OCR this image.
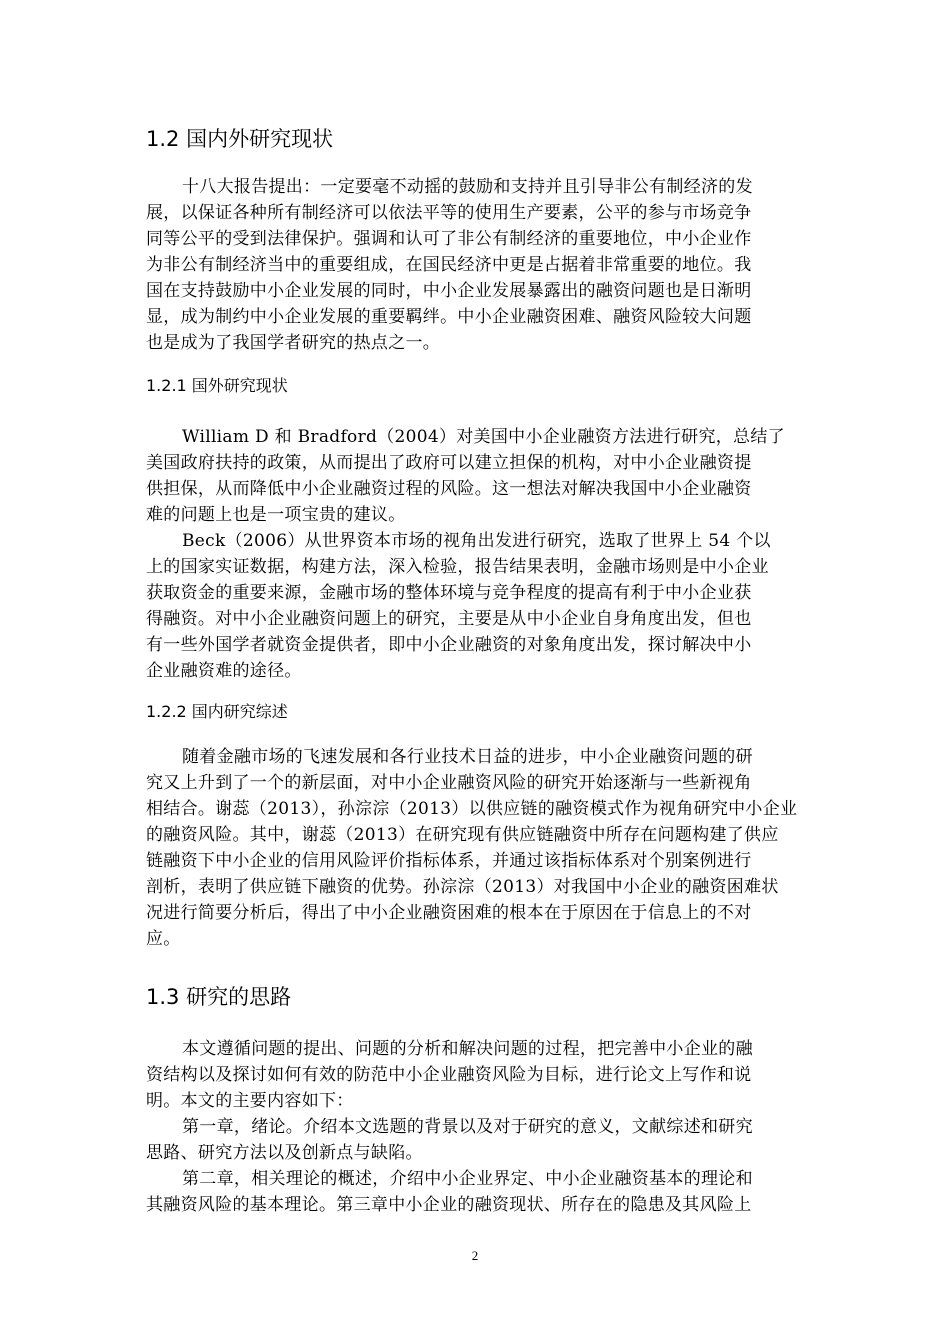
1.2 国内外研究现状

十八大报告提出：一定要毫不动摇的鼓励和支持并且引导非公有制经济的发

展，以保证各种所有制经济可以依法平等的使用生产要素，公平的参与市场竞争

同等公平的受到法律保护。强调和认可了非公有制经济的重要地位，中小企业作

为非公有制经济当中的重要组成，在国民经济中更是占据着非常重要的地位。我

国在支持鼓励中小企业发展的同时，中小企业发展暴露出的融资问题也是日渐明

显，成为制约中小企业发展的重要羁绊。中小企业融资困难、融资风险较大问题

也是成为了我国学者研究的热点之一。

1.2.1 国外研究现状

William D 和 Bradford（2004）对美国中小企业融资方法进行研究，总结了

美国政府扶持的政策，从而提出了政府可以建立担保的机构，对中小企业融资提

供担保，从而降低中小企业融资过程的风险。这一想法对解决我国中小企业融资

难的问题上也是一项宝贵的建议。

Beck（2006）从世界资本市场的视角出发进行研究，选取了世界上 54 个以

上的国家实证数据，构建方法，深入检验，报告结果表明，金融市场则是中小企业

获取资金的重要来源，金融市场的整体环境与竞争程度的提高有利于中小企业获

得融资。对中小企业融资问题上的研究，主要是从中小企业自身角度出发，但也

有一些外国学者就资金提供者，即中小企业融资的对象角度出发，探讨解决中小

企业融资难的途径。

1.2.2 国内研究综述

随着金融市场的飞速发展和各行业技术日益的进步，中小企业融资问题的研

究又上升到了一个的新层面，对中小企业融资风险的研究开始逐渐与一些新视角

相结合。谢蕊（2013），孙淙淙（2013）以供应链的融资模式作为视角研究中小企业

的融资风险。其中，谢蕊（2013）在研究现有供应链融资中所存在问题构建了供应

链融资下中小企业的信用风险评价指标体系，并通过该指标体系对个别案例进行

剖析，表明了供应链下融资的优势。孙淙淙（2013）对我国中小企业的融资困难状

况进行简要分析后，得出了中小企业融资困难的根本在于原因在于信息上的不对

应。

1.3 研究的思路

本文遵循问题的提出、问题的分析和解决问题的过程，把完善中小企业的融

资结构以及探讨如何有效的防范中小企业融资风险为目标，进行论文上写作和说

明。本文的主要内容如下：

第一章，绪论。介绍本文选题的背景以及对于研究的意义，文献综述和研究

思路、研究方法以及创新点与缺陷。

第二章，相关理论的概述，介绍中小企业界定、中小企业融资基本的理论和

其融资风险的基本理论。第三章中小企业的融资现状、所存在的隐患及其风险上

2
